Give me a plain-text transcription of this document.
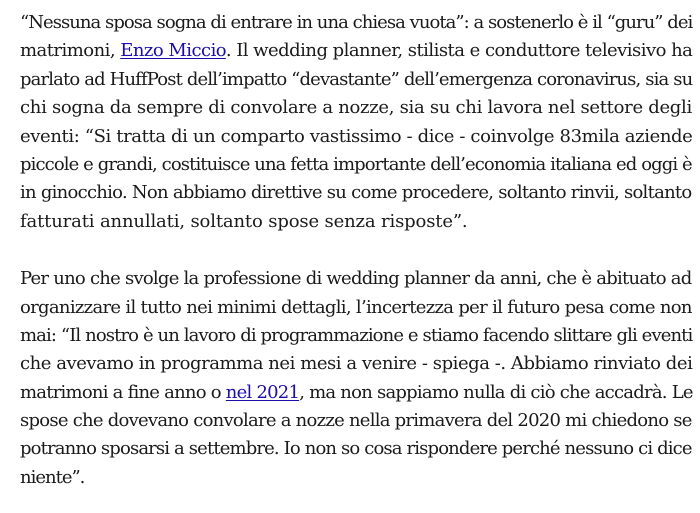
“Nessuna sposa sogna di entrare in una chiesa vuota”: a sostenerlo è il “guru” dei
matrimoni, Enzo Miccio. Il wedding planner, stilista e conduttore televisivo ha
parlato ad HuffPost dell’impatto “devastante” dell’emergenza coronavirus, sia su
chi sogna da sempre di convolare a nozze, sia su chi lavora nel settore degli
eventi: “Si tratta di un comparto vastissimo - dice - coinvolge 83mila aziende
piccole e grandi, costituisce una fetta importante dell’economia italiana ed oggi è
in ginocchio. Non abbiamo direttive su come procedere, soltanto rinvii, soltanto
fatturati annullati, soltanto spose senza risposte”.

Per uno che svolge la professione di wedding planner da anni, che è abituato ad
organizzare il tutto nei minimi dettagli, l’incertezza per il futuro pesa come non
mai: “Il nostro è un lavoro di programmazione e stiamo facendo slittare gli eventi
che avevamo in programma nei mesi a venire - spiega -. Abbiamo rinviato dei
matrimoni a fine anno o nel 2021, ma non sappiamo nulla di ciò che accadrà. Le
spose che dovevano convolare a nozze nella primavera del 2020 mi chiedono se
potranno sposarsi a settembre. Io non so cosa rispondere perché nessuno ci dice
niente”.
